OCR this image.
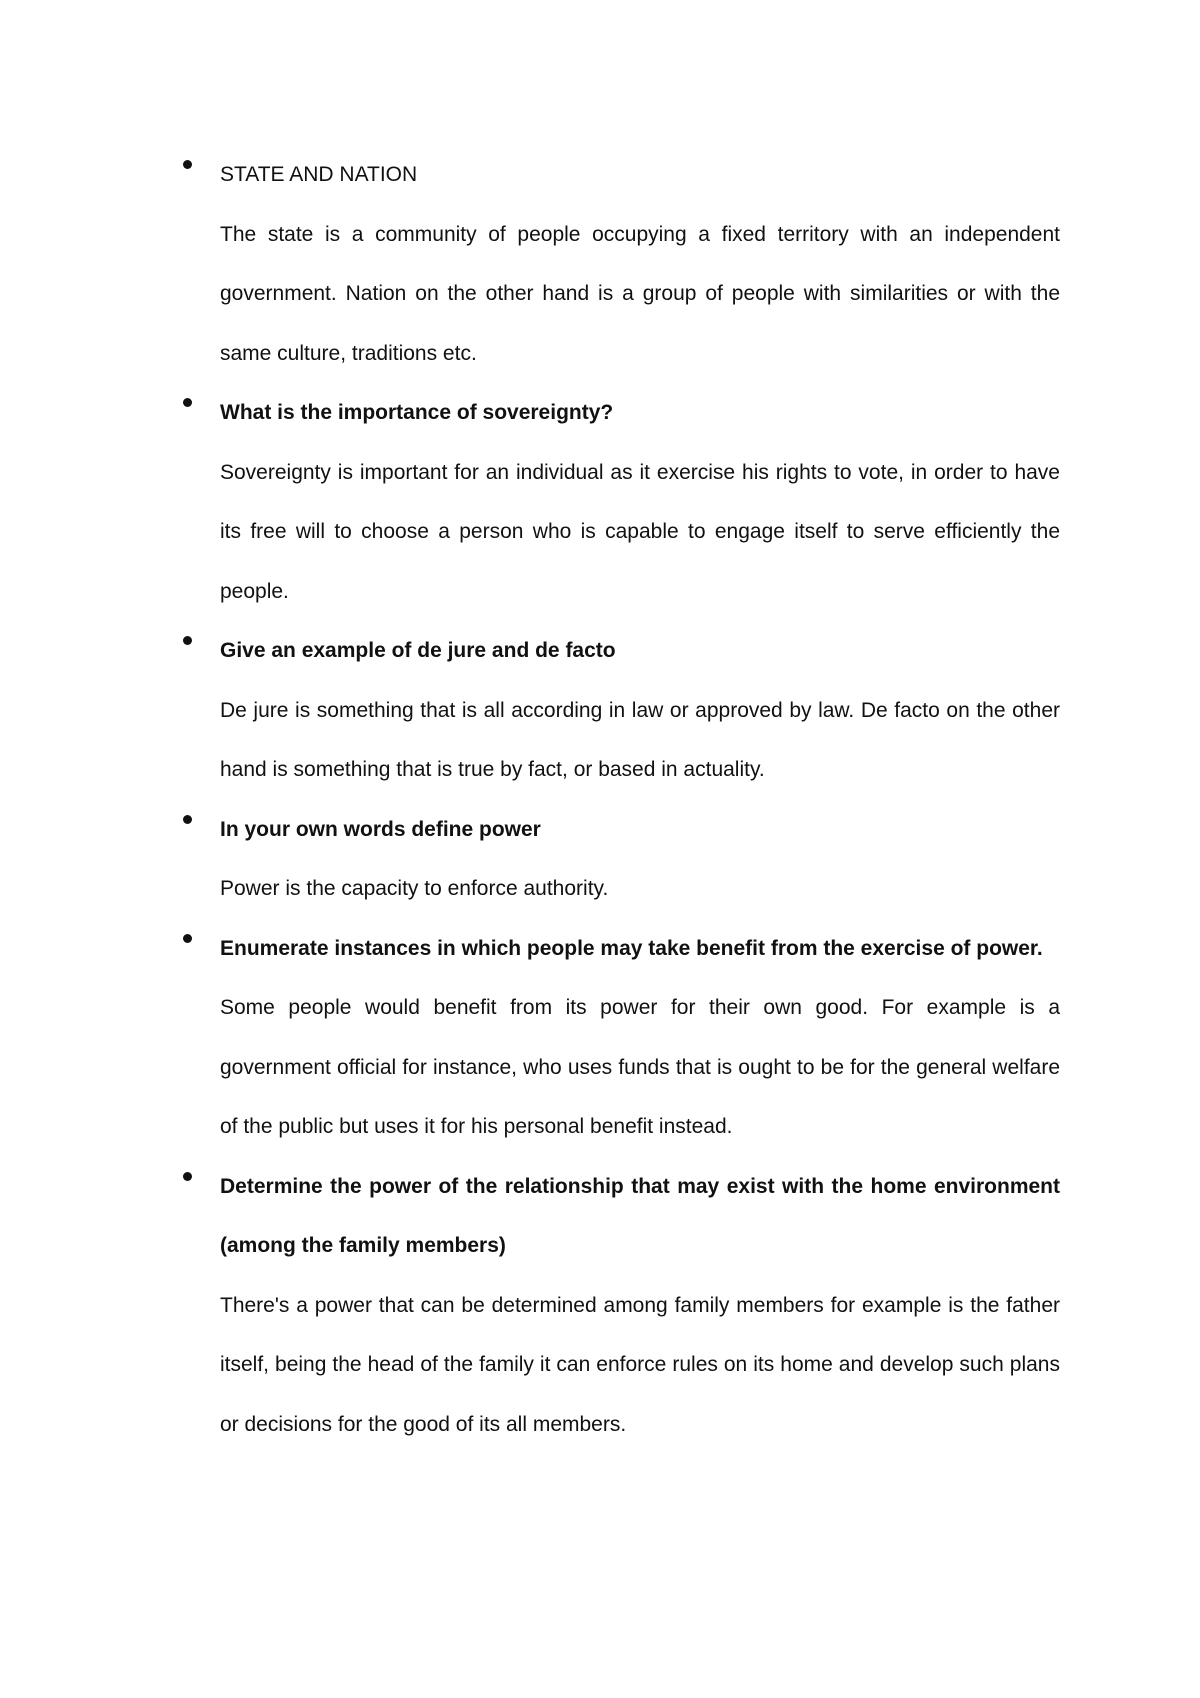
STATE AND NATION

The state is a community of people occupying a fixed territory with an independent government. Nation on the other hand is a group of people with similarities or with the same culture, traditions etc.

What is the importance of sovereignty?

Sovereignty is important for an individual as it exercise his rights to vote, in order to have its free will to choose a person who is capable to engage itself to serve efficiently the people.

Give an example of de jure and de facto

De jure is something that is all according in law or approved by law. De facto on the other hand is something that is true by fact, or based in actuality.

In your own words define power

Power is the capacity to enforce authority.

Enumerate instances in which people may take benefit from the exercise of power.

Some people would benefit from its power for their own good. For example is a government official for instance, who uses funds that is ought to be for the general welfare of the public but uses it for his personal benefit instead.

Determine the power of the relationship that may exist with the home environment (among the family members)

There's a power that can be determined among family members for example is the father itself, being the head of the family it can enforce rules on its home and develop such plans or decisions for the good of its all members.
